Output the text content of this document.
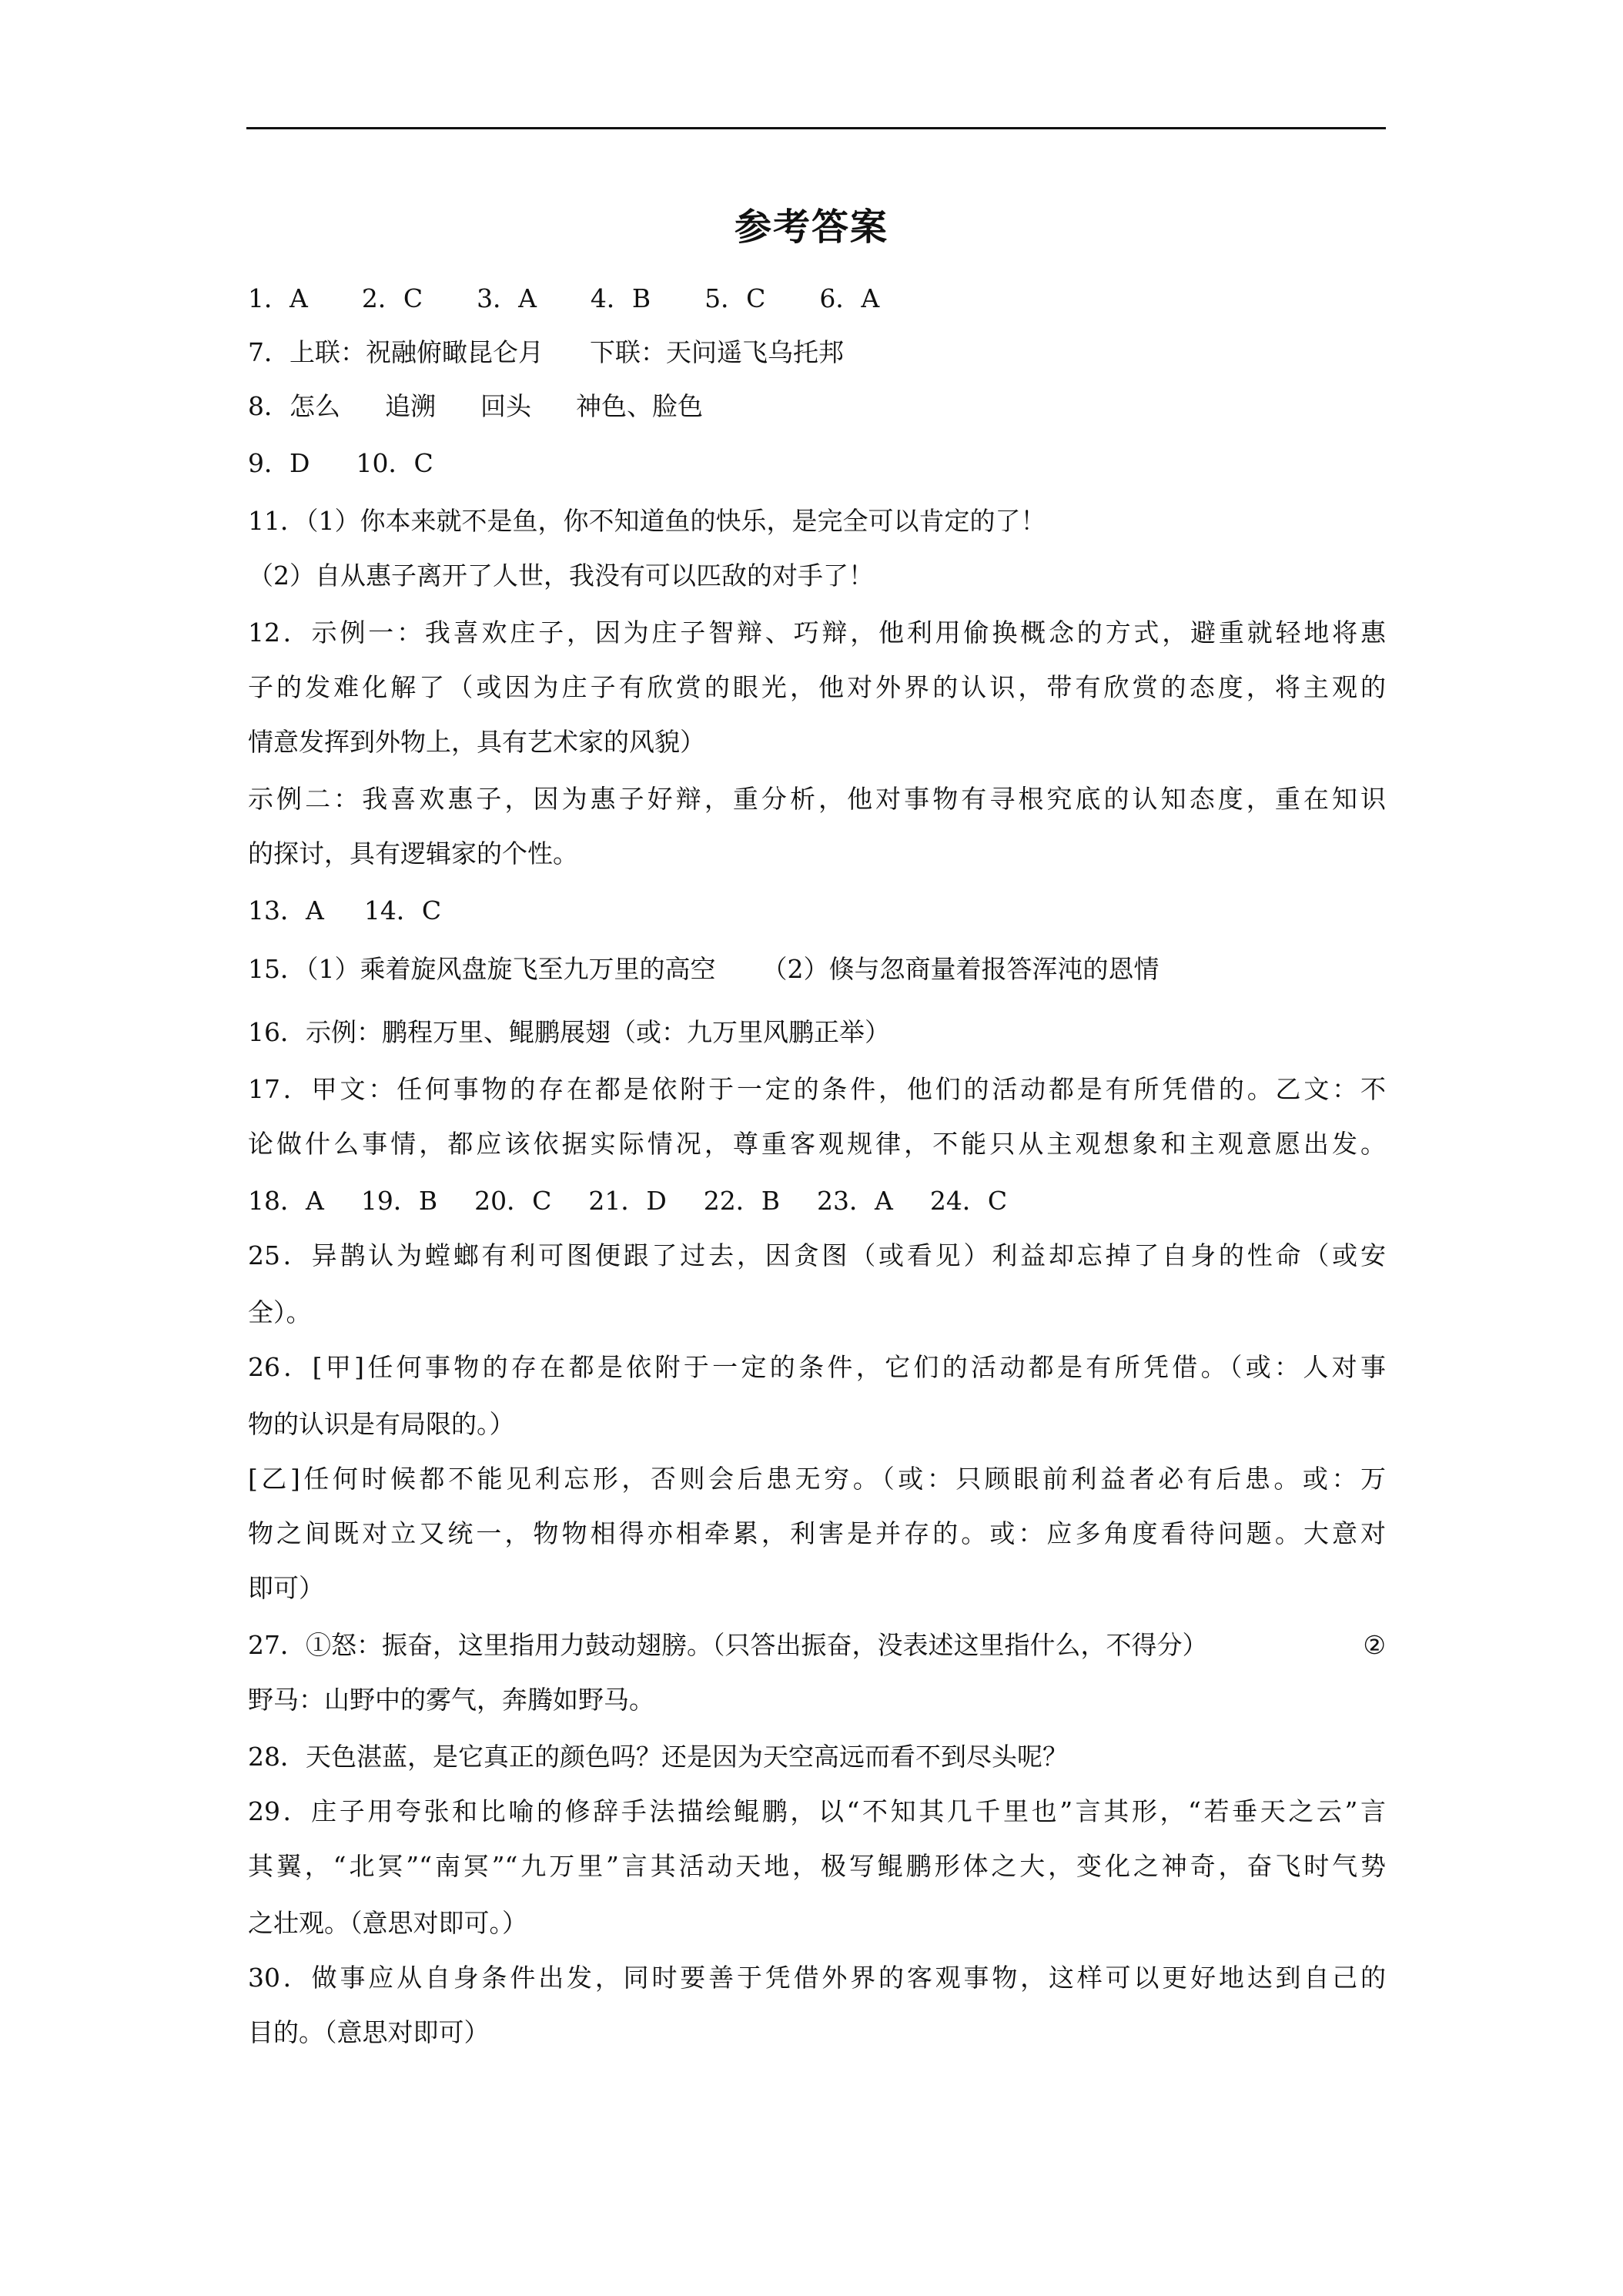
参考答案
1．A 2．C 3．A 4．B 5．C 6．A
7．上联：祝融俯瞰昆仑月 下联：天问遥飞乌托邦
8．怎么 追溯 回头 神色、脸色
9．D 10．C
11．（1）你本来就不是鱼，你不知道鱼的快乐，是完全可以肯定的了！
（2）自从惠子离开了人世，我没有可以匹敌的对手了！
12．示例一：我喜欢庄子，因为庄子智辩、巧辩，他利用偷换概念的方式，避重就轻地将惠
子的发难化解了（或因为庄子有欣赏的眼光，他对外界的认识，带有欣赏的态度，将主观的
情意发挥到外物上，具有艺术家的风貌）
示例二：我喜欢惠子，因为惠子好辩，重分析，他对事物有寻根究底的认知态度，重在知识
的探讨，具有逻辑家的个性。
13．A 14．C
15．（1）乘着旋风盘旋飞至九万里的高空 （2）倏与忽商量着报答浑沌的恩情
16．示例：鹏程万里、鲲鹏展翅（或：九万里风鹏正举）
17．甲文：任何事物的存在都是依附于一定的条件，他们的活动都是有所凭借的。乙文：不
论做什么事情，都应该依据实际情况，尊重客观规律，不能只从主观想象和主观意愿出发。
18．A 19．B 20．C 21．D 22．B 23．A 24．C
25．异鹊认为螳螂有利可图便跟了过去，因贪图（或看见）利益却忘掉了自身的性命（或安
全）。
26．[甲]任何事物的存在都是依附于一定的条件，它们的活动都是有所凭借。（或：人对事
物的认识是有局限的。）
[乙]任何时候都不能见利忘形，否则会后患无穷。（或：只顾眼前利益者必有后患。或：万
物之间既对立又统一，物物相得亦相牵累，利害是并存的。或：应多角度看待问题。大意对
即可）
27．①怒：振奋，这里指用力鼓动翅膀。（只答出振奋，没表述这里指什么，不得分）	②
野马：山野中的雾气，奔腾如野马。
28．天色湛蓝，是它真正的颜色吗？还是因为天空高远而看不到尽头呢？
29．庄子用夸张和比喻的修辞手法描绘鲲鹏，以“不知其几千里也”言其形，“若垂天之云”言
其翼，“北冥”“南冥”“九万里”言其活动天地，极写鲲鹏形体之大，变化之神奇，奋飞时气势
之壮观。（意思对即可。）
30．做事应从自身条件出发，同时要善于凭借外界的客观事物，这样可以更好地达到自己的
目的。（意思对即可）
